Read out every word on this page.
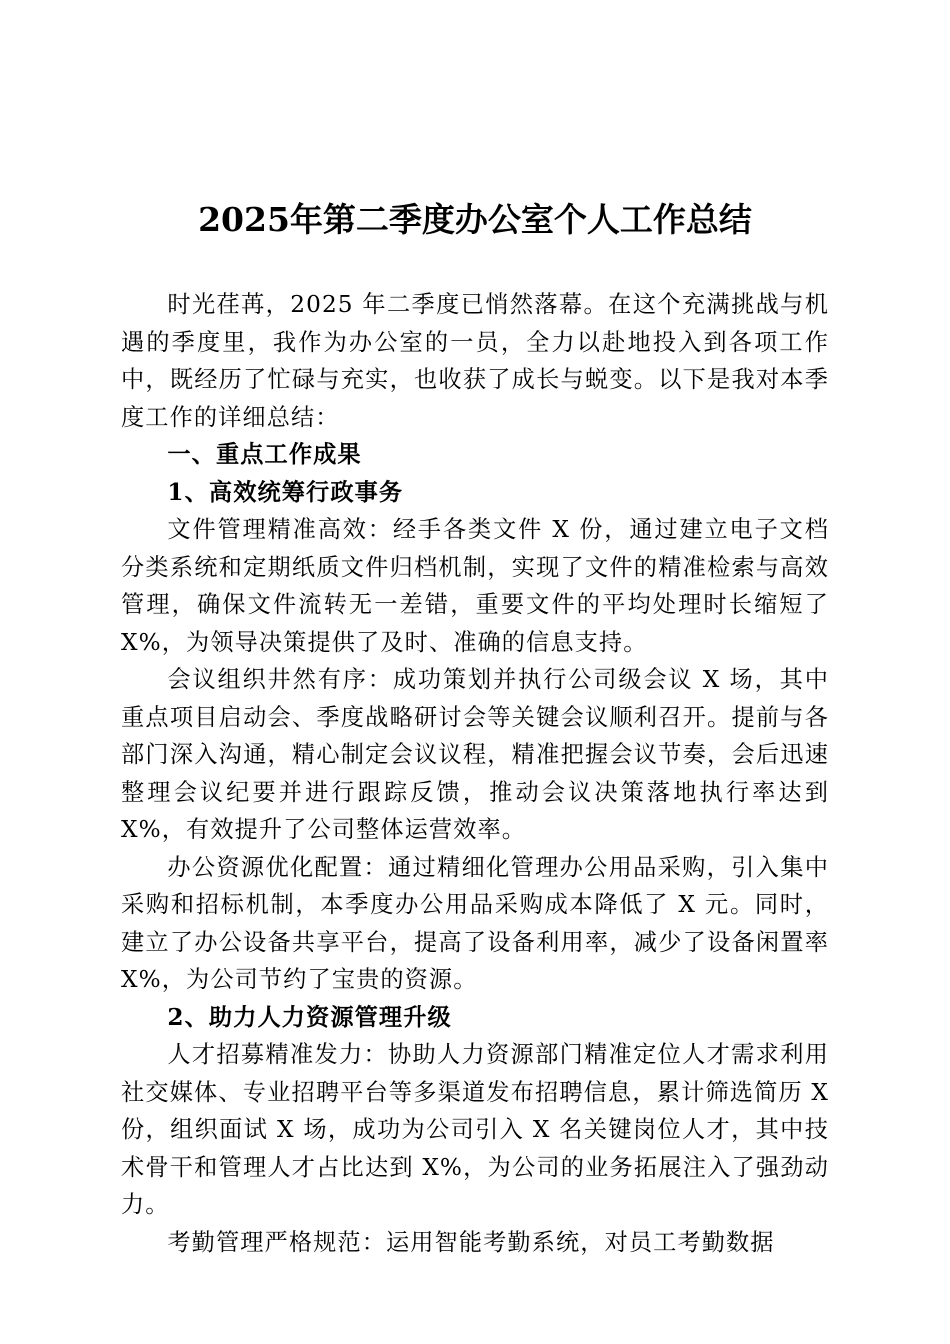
2025年第二季度办公室个人工作总结

时光荏苒，2025 年二季度已悄然落幕。在这个充满挑战与机遇的季度里，我作为办公室的一员，全力以赴地投入到各项工作中，既经历了忙碌与充实，也收获了成长与蜕变。以下是我对本季度工作的详细总结：

一、重点工作成果
1、高效统筹行政事务

文件管理精准高效：经手各类文件 X 份，通过建立电子文档分类系统和定期纸质文件归档机制，实现了文件的精准检索与高效管理，确保文件流转无一差错，重要文件的平均处理时长缩短了 X%，为领导决策提供了及时、准确的信息支持。

会议组织井然有序：成功策划并执行公司级会议 X 场，其中重点项目启动会、季度战略研讨会等关键会议顺利召开。提前与各部门深入沟通，精心制定会议议程，精准把握会议节奏，会后迅速整理会议纪要并进行跟踪反馈，推动会议决策落地执行率达到 X%，有效提升了公司整体运营效率。

办公资源优化配置：通过精细化管理办公用品采购，引入集中采购和招标机制，本季度办公用品采购成本降低了 X 元。同时，建立了办公设备共享平台，提高了设备利用率，减少了设备闲置率 X%，为公司节约了宝贵的资源。

2、助力人力资源管理升级

人才招募精准发力：协助人力资源部门精准定位人才需求利用社交媒体、专业招聘平台等多渠道发布招聘信息，累计筛选简历 X 份，组织面试 X 场，成功为公司引入 X 名关键岗位人才，其中技术骨干和管理人才占比达到 X%，为公司的业务拓展注入了强劲动力。

考勤管理严格规范：运用智能考勤系统，对员工考勤数据
